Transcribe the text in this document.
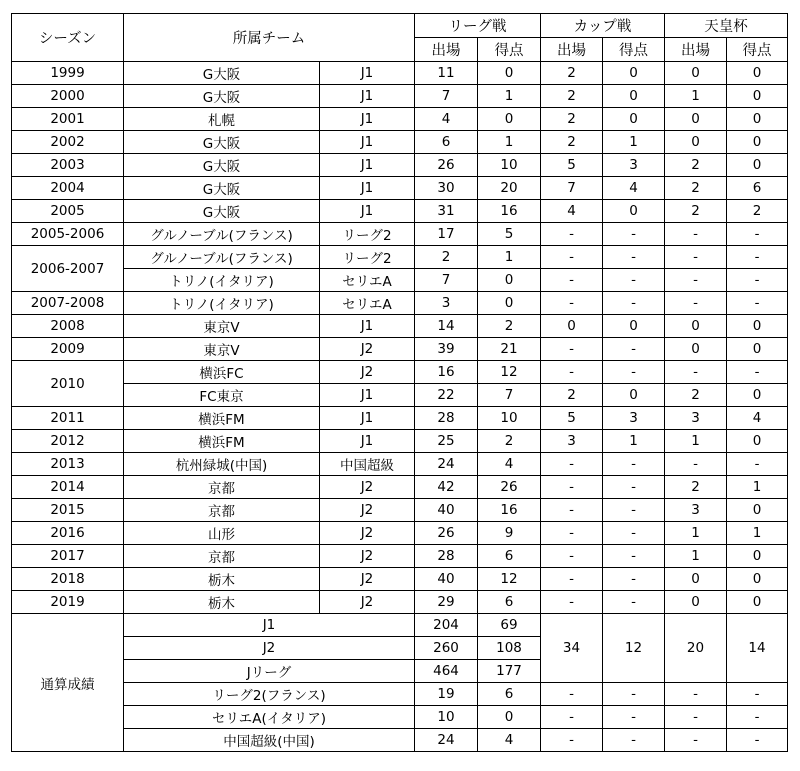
シーズン	所属チーム		リーグ戦		カップ戦		天皇杯	
			出場	得点	出場	得点	出場	得点
1999	G大阪	J1	11	0	2	0	0	0
2000	G大阪	J1	7	1	2	0	1	0
2001	札幌	J1	4	0	2	0	0	0
2002	G大阪	J1	6	1	2	1	0	0
2003	G大阪	J1	26	10	5	3	2	0
2004	G大阪	J1	30	20	7	4	2	6
2005	G大阪	J1	31	16	4	0	2	2
2005-2006	グルノーブル(フランス)	リーグ2	17	5	-	-	-	-
2006-2007	グルノーブル(フランス)	リーグ2	2	1	-	-	-	-
	トリノ(イタリア)	セリエA	7	0	-	-	-	-
2007-2008	トリノ(イタリア)	セリエA	3	0	-	-	-	-
2008	東京V	J1	14	2	0	0	0	0
2009	東京V	J2	39	21	-	-	0	0
2010	横浜FC	J2	16	12	-	-	-	-
	FC東京	J1	22	7	2	0	2	0
2011	横浜FM	J1	28	10	5	3	3	4
2012	横浜FM	J1	25	2	3	1	1	0
2013	杭州緑城(中国)	中国超級	24	4	-	-	-	-
2014	京都	J2	42	26	-	-	2	1
2015	京都	J2	40	16	-	-	3	0
2016	山形	J2	26	9	-	-	1	1
2017	京都	J2	28	6	-	-	1	0
2018	栃木	J2	40	12	-	-	0	0
2019	栃木	J2	29	6	-	-	0	0
通算成績	J1		204	69	34	12	20	14
	J2		260	108				
	Jリーグ		464	177				
	リーグ2(フランス)		19	6	-	-	-	-
	セリエA(イタリア)		10	0	-	-	-	-
	中国超級(中国)		24	4	-	-	-	-
